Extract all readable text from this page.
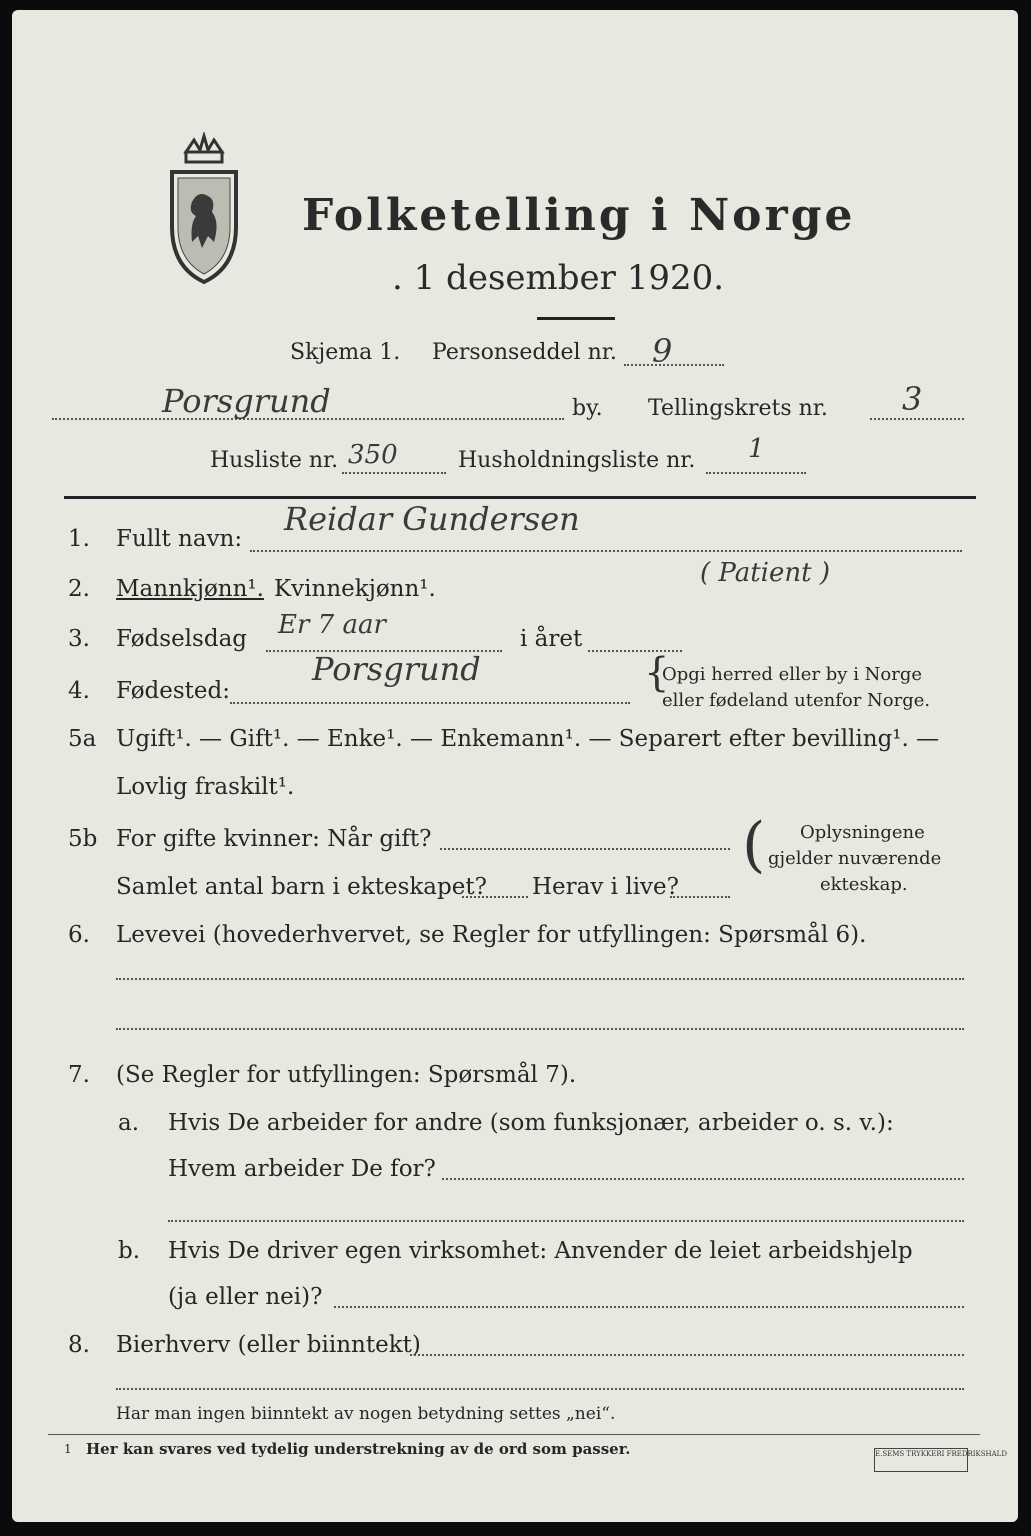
Folketelling i Norge
. 1 desember 1920.
Skjema 1. Personseddel nr. 9
Porsgrund	by. Tellingskrets nr. 3
Husliste nr. 350	Husholdningsliste nr. 1
1. Fullt navn:
Reidar Gundersen
2. Mannkjønn¹. Kvinnekjønn¹.
( Patient )
3. Fødselsdag Er 7 aar	i året
4. Fødested:
Porsgrund	{
Opgi herred eller by i Norge
eller fødeland utenfor Norge.
5a Ugift¹. — Gift¹. — Enke¹. — Enkemann¹. — Separert efter bevilling¹. —
Lovlig fraskilt¹.
5b For gifte kvinner: Når gift?
Samlet antal barn i ekteskapet? Herav i live?
( Oplysningene
gjelder nuværende
ekteskap.
6. Levevei (hovederhvervet, se Regler for utfyllingen: Spørsmål 6).
7. (Se Regler for utfyllingen: Spørsmål 7).
a. Hvis De arbeider for andre (som funksjonær, arbeider o. s. v.):
Hvem arbeider De for?
b. Hvis De driver egen virksomhet: Anvender de leiet arbeidshjelp
(ja eller nei)?
8. Bierhverv (eller biinntekt)
Har man ingen biinntekt av nogen betydning settes „nei“.
1 Her kan svares ved tydelig understrekning av de ord som passer.	E.SEMS TRYKKERI FREDRIKSHALD
